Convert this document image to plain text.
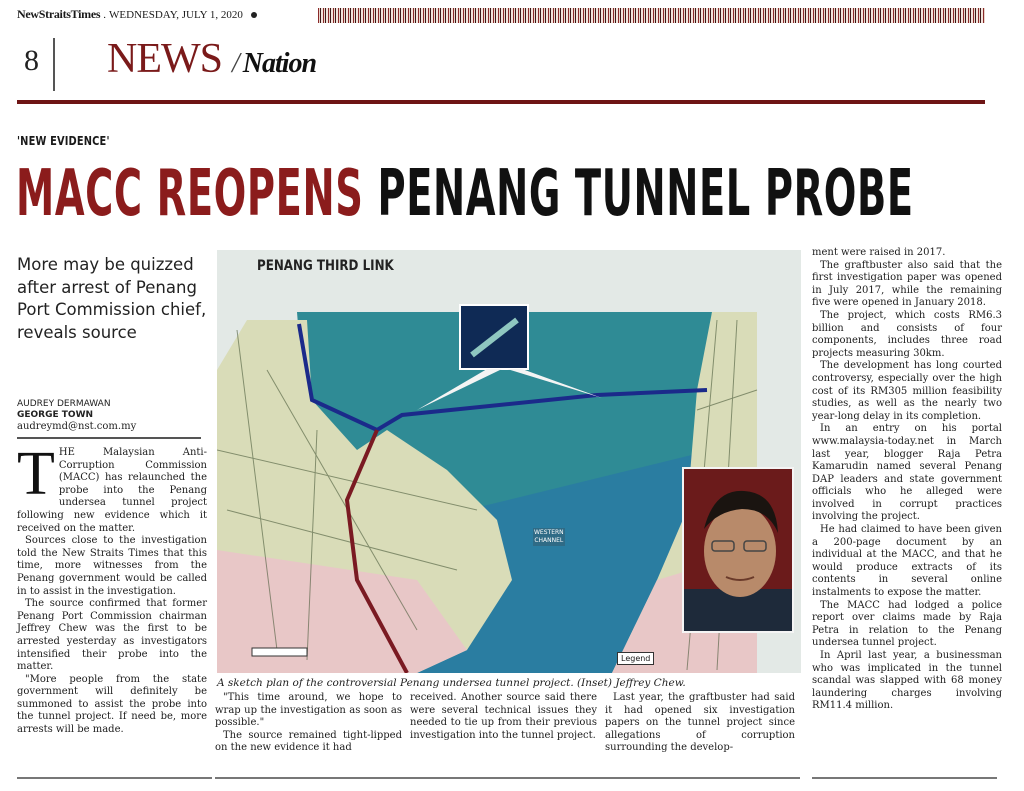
NewStraitsTimes . WEDNESDAY, JULY 1, 2020
8 NEWS / Nation
'NEW EVIDENCE'
MACC REOPENS PENANG TUNNEL PROBE
More may be quizzed after arrest of Penang Port Commission chief, reveals source
AUDREY DERMAWAN
GEORGE TOWN
audreymd@nst.com.my
T HE Malaysian Anti-Corruption Commission (MACC) has relaunched the probe into the Penang undersea tunnel project following new evidence which it received on the matter.

Sources close to the investigation told the New Straits Times that this time, more witnesses from the Penang government would be called in to assist in the investigation.

The source confirmed that former Penang Port Commission chairman Jeffrey Chew was the first to be arrested yesterday as investigators intensified their probe into the matter.

"More people from the state government will definitely be summoned to assist the probe into the tunnel project. If need be, more arrests will be made.

PENANG THIRD LINK
WESTERN
CHANNEL
Legend
A sketch plan of the controversial Penang undersea tunnel project. (Inset) Jeffrey Chew.

"This time around, we hope to wrap up the investigation as soon as possible."

The source remained tight-lipped on the new evidence it had

received. Another source said there were several technical issues they needed to tie up from their previous investigation into the tunnel project.

Last year, the graftbuster had said it had opened six investigation papers on the tunnel project since allegations of corruption surrounding the develop-

ment were raised in 2017.

The graftbuster also said that the first investigation paper was opened in July 2017, while the remaining five were opened in January 2018.

The project, which costs RM6.3 billion and consists of four components, includes three road projects measuring 30km.

The development has long courted controversy, especially over the high cost of its RM305 million feasibility studies, as well as the nearly two year-long delay in its completion.

In an entry on his portal www.malaysia-today.net in March last year, blogger Raja Petra Kamarudin named several Penang DAP leaders and state government officials who he alleged were involved in corrupt practices involving the project.

He had claimed to have been given a 200-page document by an individual at the MACC, and that he would produce extracts of its contents in several online instalments to expose the matter.

The MACC had lodged a police report over claims made by Raja Petra in relation to the Penang undersea tunnel project.

In April last year, a businessman who was implicated in the tunnel scandal was slapped with 68 money laundering charges involving RM11.4 million.
